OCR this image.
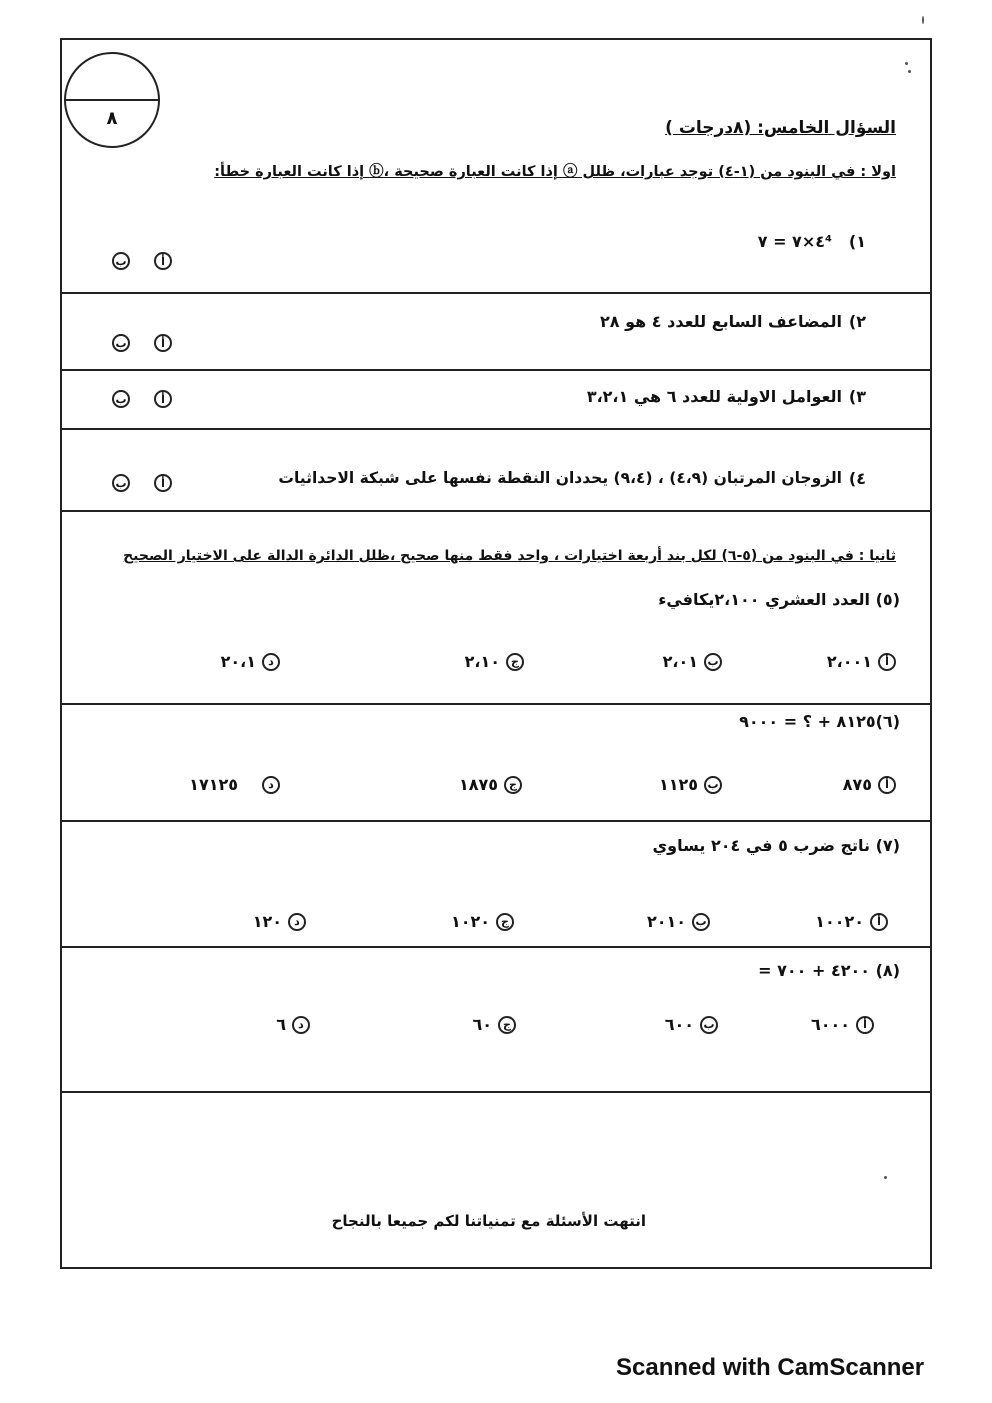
٨	السؤال الخامس: (٨درجات )
اولا : في البنود من (١-٤) توجد عبارات، ظلل ⓐ إذا كانت العبارة صحيحة ،ⓑ إذا كانت العبارة خطأ:
١)
٤×٧ = ٧⁴
ب	أ
٢)
المضاعف السابع للعدد ٤ هو ٢٨
ب	أ
٣)
العوامل الاولية للعدد ٦ هي ٣،٢،١
ب	أ
٤)
الزوجان المرتبان (٤،٩) ، (٩،٤) يحددان النقطة نفسها على شبكة الاحداثيات
ب	أ
ثانيا : في البنود من (٥-٦) لكل بند أربعة اختيارات ، واحد فقط منها صحيح ،ظلل الدائرة الدالة على الاختيار الصحيح
(٥) العدد العشري ٢،١٠٠يكافيء
أ
٢،٠٠١
ب
٢،٠١
ج
٢،١٠
د
٢٠،١
(٦)٨١٢٥ + ؟ = ٩٠٠٠
أ
٨٧٥
ب
١١٢٥
ج
١٨٧٥
د
١٧١٢٥
(٧) ناتج ضرب ٥ في ٢٠٤ يساوي
أ
١٠٠٢٠
ب
٢٠١٠
ج
١٠٢٠
د
١٢٠
(٨) ٤٢٠٠ + ٧٠٠ =
أ
٦٠٠٠
ب
٦٠٠
ج
٦٠
د
٦
انتهت الأسئلة مع تمنياتنا لكم جميعا بالنجاح
Scanned with CamScanner
